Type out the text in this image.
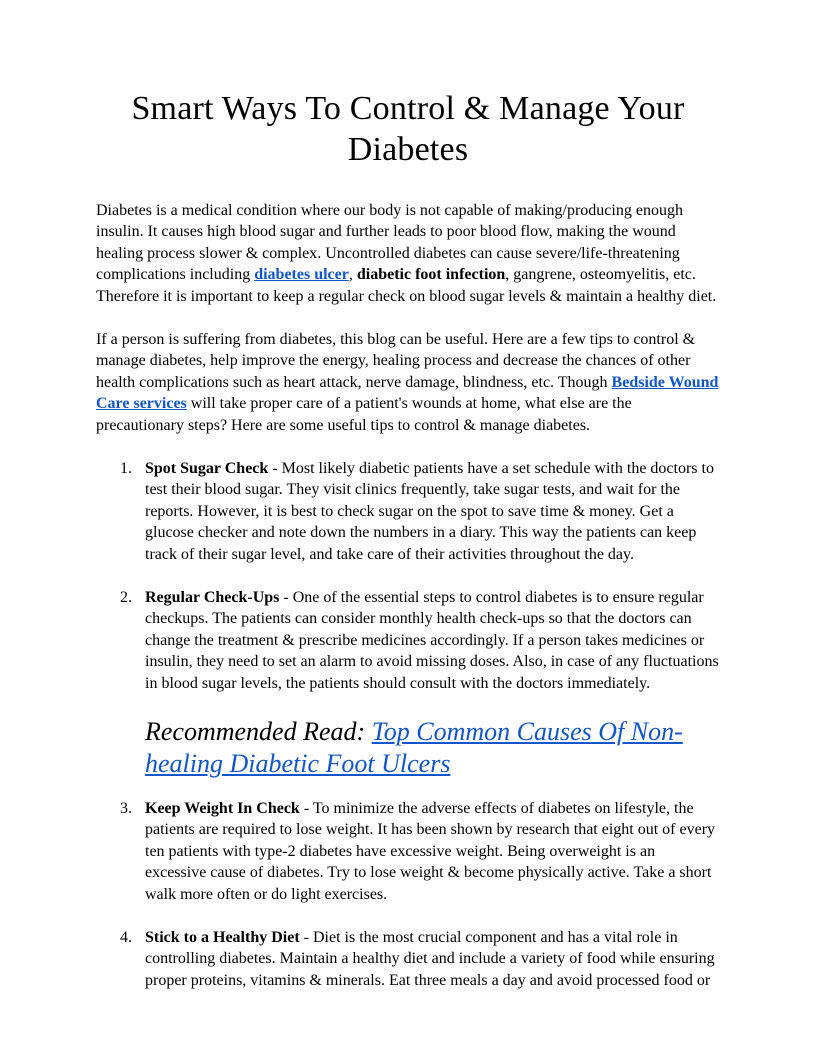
Smart Ways To Control & Manage Your Diabetes

Diabetes is a medical condition where our body is not capable of making/producing enough insulin. It causes high blood sugar and further leads to poor blood flow, making the wound healing process slower & complex. Uncontrolled diabetes can cause severe/life-threatening complications including diabetes ulcer, diabetic foot infection, gangrene, osteomyelitis, etc. Therefore it is important to keep a regular check on blood sugar levels & maintain a healthy diet.

If a person is suffering from diabetes, this blog can be useful. Here are a few tips to control & manage diabetes, help improve the energy, healing process and decrease the chances of other health complications such as heart attack, nerve damage, blindness, etc. Though Bedside Wound Care services will take proper care of a patient's wounds at home, what else are the precautionary steps? Here are some useful tips to control & manage diabetes.

1. Spot Sugar Check - Most likely diabetic patients have a set schedule with the doctors to test their blood sugar. They visit clinics frequently, take sugar tests, and wait for the reports. However, it is best to check sugar on the spot to save time & money. Get a glucose checker and note down the numbers in a diary. This way the patients can keep track of their sugar level, and take care of their activities throughout the day.
2. Regular Check-Ups - One of the essential steps to control diabetes is to ensure regular checkups. The patients can consider monthly health check-ups so that the doctors can change the treatment & prescribe medicines accordingly. If a person takes medicines or insulin, they need to set an alarm to avoid missing doses. Also, in case of any fluctuations in blood sugar levels, the patients should consult with the doctors immediately.
Recommended Read: Top Common Causes Of Non-healing Diabetic Foot Ulcers
3. Keep Weight In Check - To minimize the adverse effects of diabetes on lifestyle, the patients are required to lose weight. It has been shown by research that eight out of every ten patients with type-2 diabetes have excessive weight. Being overweight is an excessive cause of diabetes. Try to lose weight & become physically active. Take a short walk more often or do light exercises.
4. Stick to a Healthy Diet - Diet is the most crucial component and has a vital role in controlling diabetes. Maintain a healthy diet and include a variety of food while ensuring proper proteins, vitamins & minerals. Eat three meals a day and avoid processed food or
